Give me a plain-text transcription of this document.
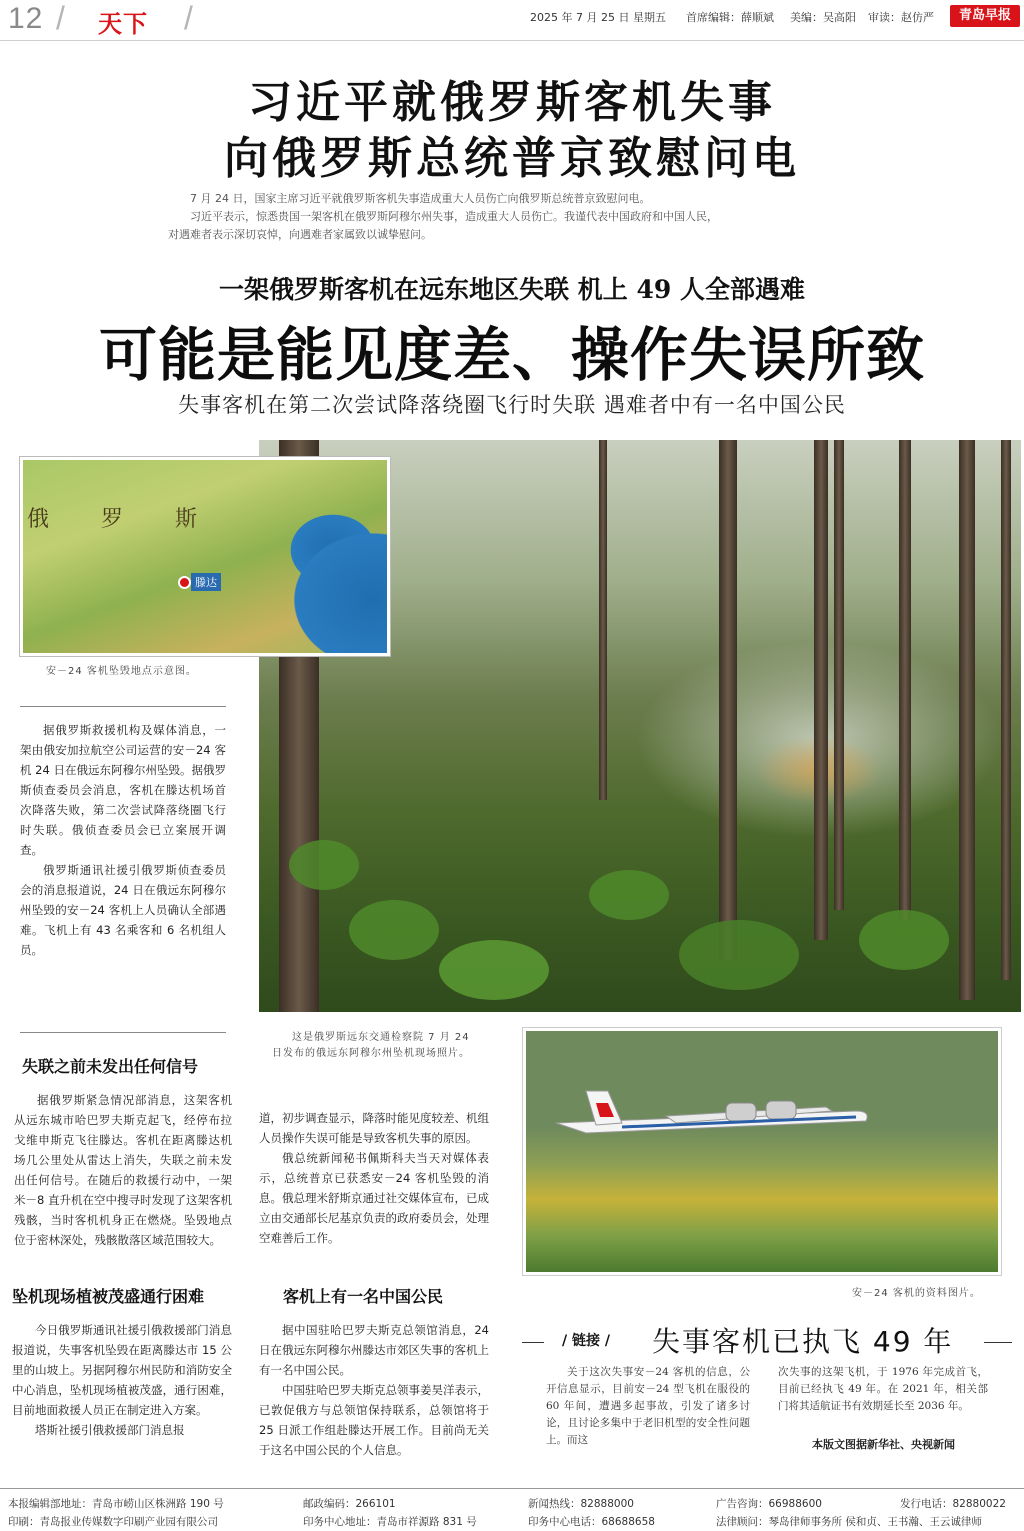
12 / 天下 /	2025 年 7 月 25 日 星期五 首席编辑：薛顺斌 美编：吴高阳 审读：赵仿严	青岛早报
习近平就俄罗斯客机失事
向俄罗斯总统普京致慰问电
7 月 24 日，国家主席习近平就俄罗斯客机失事造成重大人员伤亡向俄罗斯总统普京致慰问电。
习近平表示，惊悉贵国一架客机在俄罗斯阿穆尔州失事，造成重大人员伤亡。我谨代表中国政府和中国人民，
对遇难者表示深切哀悼，向遇难者家属致以诚挚慰问。
一架俄罗斯客机在远东地区失联 机上 49 人全部遇难
可能是能见度差、操作失误所致
失事客机在第二次尝试降落绕圈飞行时失联 遇难者中有一名中国公民
俄 罗 斯
滕达
安－24 客机坠毁地点示意图。

据俄罗斯救援机构及媒体消息，一架由俄安加拉航空公司运营的安－24 客机 24 日在俄远东阿穆尔州坠毁。据俄罗斯侦查委员会消息，客机在滕达机场首次降落失败，第二次尝试降落绕圈飞行时失联。俄侦查委员会已立案展开调查。

俄罗斯通讯社援引俄罗斯侦查委员会的消息报道说，24 日在俄远东阿穆尔州坠毁的安－24 客机上人员确认全部遇难。飞机上有 43 名乘客和 6 名机组人员。

这是俄罗斯远东交通检察院 7 月 24 日发布的俄远东阿穆尔州坠机现场照片。
失联之前未发出任何信号

据俄罗斯紧急情况部消息，这架客机从远东城市哈巴罗夫斯克起飞，经停布拉戈维申斯克飞往滕达。客机在距离滕达机场几公里处从雷达上消失，失联之前未发出任何信号。在随后的救援行动中，一架米－8 直升机在空中搜寻时发现了这架客机残骸，当时客机机身正在燃烧。坠毁地点位于密林深处，残骸散落区域范围较大。

道，初步调查显示，降落时能见度较差、机组人员操作失误可能是导致客机失事的原因。

俄总统新闻秘书佩斯科夫当天对媒体表示，总统普京已获悉安－24 客机坠毁的消息。俄总理米舒斯京通过社交媒体宣布，已成立由交通部长尼基京负责的政府委员会，处理空难善后工作。

安－24 客机的资料图片。
坠机现场植被茂盛通行困难

今日俄罗斯通讯社援引俄救援部门消息报道说，失事客机坠毁在距离滕达市 15 公里的山坡上。另据阿穆尔州民防和消防安全中心消息，坠机现场植被茂盛，通行困难，目前地面救援人员正在制定进入方案。

塔斯社援引俄救援部门消息报

客机上有一名中国公民

据中国驻哈巴罗夫斯克总领馆消息，24 日在俄远东阿穆尔州滕达市郊区失事的客机上有一名中国公民。

中国驻哈巴罗夫斯克总领事姜昊洋表示，已敦促俄方与总领馆保持联系，总领馆将于 25 日派工作组赴滕达开展工作。目前尚无关于这名中国公民的个人信息。

/ 链接 / 失事客机已执飞 49 年
关于这次失事安－24 客机的信息，公开信息显示，目前安－24 型飞机在服役的 60 年间，遭遇多起事故，引发了诸多讨论，且讨论多集中于老旧机型的安全性问题上。而这
次失事的这架飞机，于 1976 年完成首飞，目前已经执飞 49 年。在 2021 年，相关部门将其适航证书有效期延长至 2036 年。
本版文图据新华社、央视新闻
本报编辑部地址：青岛市崂山区株洲路 190 号	邮政编码：266101	新闻热线：82888000	广告咨询：66988600	发行电话：82880022
印刷：青岛报业传媒数字印刷产业园有限公司	印务中心地址：青岛市祥源路 831 号	印务中心电话：68688658	法律顾问：琴岛律师事务所 侯和贞、王书瀚、王云诚律师
